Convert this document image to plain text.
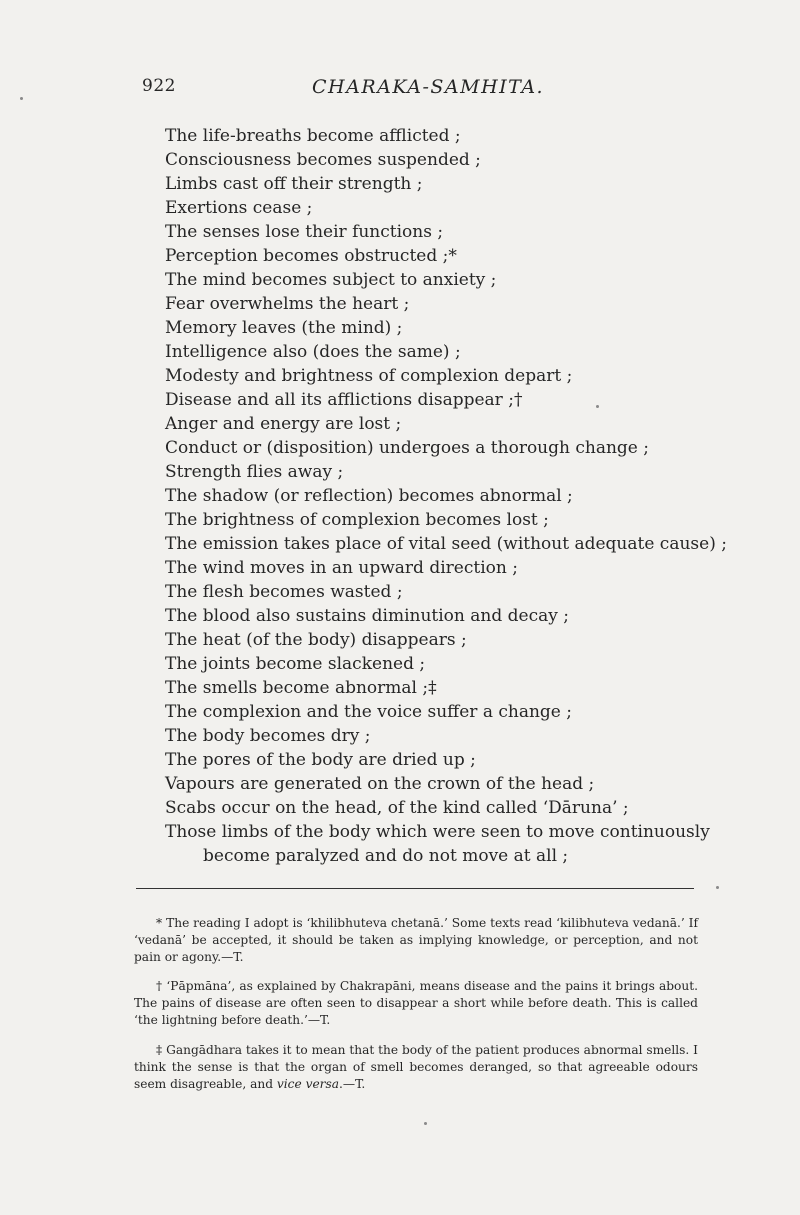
922	CHARAKA-SAMHITA.
The life-breaths become afflicted ;
Consciousness becomes suspended ;
Limbs cast off their strength ;
Exertions cease ;
The senses lose their functions ;
Perception becomes obstructed ;*
The mind becomes subject to anxiety ;
Fear overwhelms the heart ;
Memory leaves (the mind) ;
Intelligence also (does the same) ;
Modesty and brightness of complexion depart ;
Disease and all its afflictions disappear ;†
Anger and energy are lost ;
Conduct or (disposition) undergoes a thorough change ;
Strength flies away ;
The shadow (or reflection) becomes abnormal ;
The brightness of complexion becomes lost ;
The emission takes place of vital seed (without adequate cause) ;
The wind moves in an upward direction ;
The flesh becomes wasted ;
The blood also sustains diminution and decay ;
The heat (of the body) disappears ;
The joints become slackened ;
The smells become abnormal ;‡
The complexion and the voice suffer a change ;
The body becomes dry ;
The pores of the body are dried up ;
Vapours are generated on the crown of the head ;
Scabs occur on the head, of the kind called ‘Dāruna’ ;
Those limbs of the body which were seen to move continuously
become paralyzed and do not move at all ;

* The reading I adopt is ‘khilibhuteva chetanā.’ Some texts read ‘kilibhuteva vedanā.’ If ‘vedanā’ be accepted, it should be taken as implying knowledge, or perception, and not pain or agony.—T.

† ‘Pāpmāna’, as explained by Chakrapāni, means disease and the pains it brings about. The pains of disease are often seen to disappear a short while before death. This is called ‘the lightning before death.’—T.

‡ Gangādhara takes it to mean that the body of the patient produces abnormal smells. I think the sense is that the organ of smell becomes deranged, so that agreeable odours seem disagreable, and vice versa.—T.
